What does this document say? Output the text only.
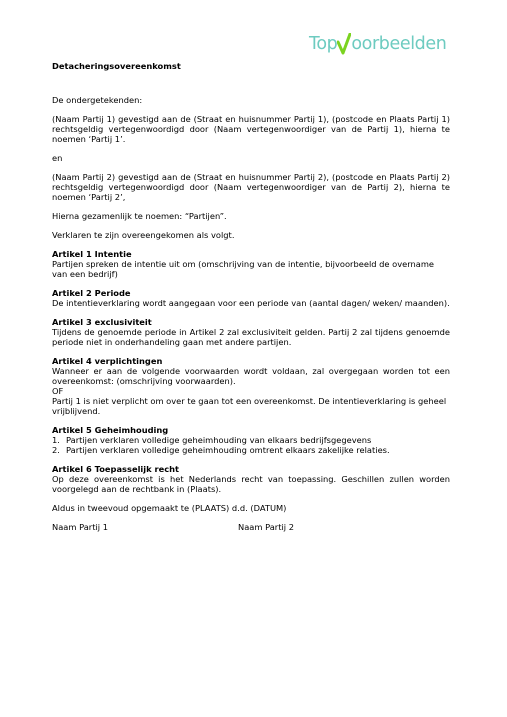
Top oorbeelden

Detacheringsovereenkomst

De ondergetekenden:

(Naam Partij 1) gevestigd aan de (Straat en huisnummer Partij 1), (postcode en Plaats Partij 1) rechtsgeldig vertegenwoordigd door (Naam vertegenwoordiger van de Partij 1), hierna te noemen ‘Partij 1’.

en

(Naam Partij 2) gevestigd aan de (Straat en huisnummer Partij 2), (postcode en Plaats Partij 2) rechtsgeldig vertegenwoordigd door (Naam vertegenwoordiger van de Partij 2), hierna te noemen ‘Partij 2’,

Hierna gezamenlijk te noemen: “Partijen”.

Verklaren te zijn overeengekomen als volgt.

Artikel 1 Intentie

Partijen spreken de intentie uit om (omschrijving van de intentie, bijvoorbeeld de overname van een bedrijf)

Artikel 2 Periode

De intentieverklaring wordt aangegaan voor een periode van (aantal dagen/ weken/ maanden).

Artikel 3 exclusiviteit

Tijdens de genoemde periode in Artikel 2 zal exclusiviteit gelden. Partij 2 zal tijdens genoemde periode niet in onderhandeling gaan met andere partijen.

Artikel 4 verplichtingen

Wanneer er aan de volgende voorwaarden wordt voldaan, zal overgegaan worden tot een overeenkomst: (omschrijving voorwaarden).

OF

Partij 1 is niet verplicht om over te gaan tot een overeenkomst. De intentieverklaring is geheel vrijblijvend.

Artikel 5 Geheimhouding

1. Partijen verklaren volledige geheimhouding van elkaars bedrijfsgegevens
2. Partijen verklaren volledige geheimhouding omtrent elkaars zakelijke relaties.

Artikel 6 Toepasselijk recht

Op deze overeenkomst is het Nederlands recht van toepassing. Geschillen zullen worden voorgelegd aan de rechtbank in (Plaats).

Aldus in tweevoud opgemaakt te (PLAATS) d.d. (DATUM)

Naam Partij 1	Naam Partij 2
